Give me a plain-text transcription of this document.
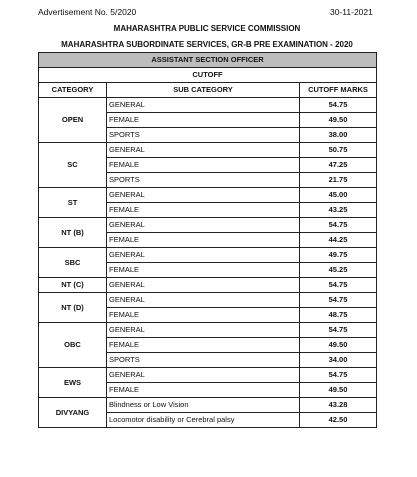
Advertisement No. 5/2020	30-11-2021
MAHARASHTRA PUBLIC SERVICE COMMISSION
MAHARASHTRA SUBORDINATE SERVICES, GR-B PRE EXAMINATION - 2020
ASSISTANT SECTION OFFICER		
CUTOFF		
CATEGORY	SUB CATEGORY	CUTOFF MARKS
OPEN	GENERAL	54.75
	FEMALE	49.50
	SPORTS	38.00
SC	GENERAL	50.75
	FEMALE	47.25
	SPORTS	21.75
ST	GENERAL	45.00
	FEMALE	43.25
NT (B)	GENERAL	54.75
	FEMALE	44.25
SBC	GENERAL	49.75
	FEMALE	45.25
NT (C)	GENERAL	54.75
NT (D)	GENERAL	54.75
	FEMALE	48.75
OBC	GENERAL	54.75
	FEMALE	49.50
	SPORTS	34.00
EWS	GENERAL	54.75
	FEMALE	49.50
DIVYANG	Blindness or Low Vision	43.28
	Locomotor disability or Cerebral palsy	42.50
